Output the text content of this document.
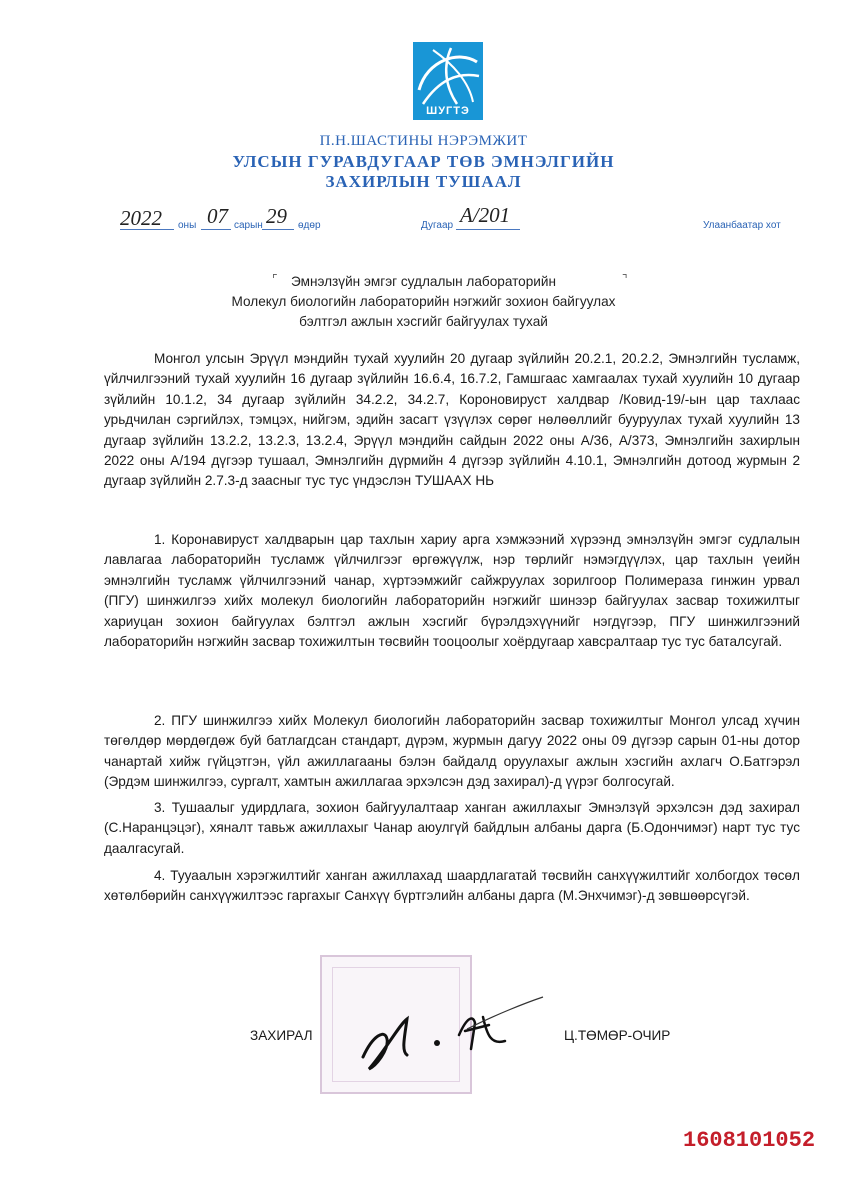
ШУГТЭ
П.Н.ШАСТИНЫ НЭРЭМЖИТ
УЛСЫН ГУРАВДУГААР ТӨВ ЭМНЭЛГИЙН
ЗАХИРЛЫН ТУШААЛ
2022 оны 07 сарын 29 өдөр	Дугаар А/201	Улаанбаатар хот
⌜	⌝
Эмнэлзүйн эмгэг судлалын лабораторийн
Молекул биологийн лабораторийн нэгжийг зохион байгуулах
бэлтгэл ажлын хэсгийг байгуулах тухай

Монгол улсын Эрүүл мэндийн тухай хуулийн 20 дугаар зүйлийн 20.2.1, 20.2.2, Эмнэлгийн тусламж, үйлчилгээний тухай хуулийн 16 дугаар зүйлийн 16.6.4, 16.7.2, Гамшгаас хамгаалах тухай хуулийн 10 дугаар зүйлийн 10.1.2, 34 дугаар зүйлийн 34.2.2, 34.2.7, Короновируст халдвар /Ковид-19/-ын цар тахлаас урьдчилан сэргийлэх, тэмцэх, нийгэм, эдийн засагт үзүүлэх сөрөг нөлөөллийг бууруулах тухай хуулийн 13 дугаар зүйлийн 13.2.2, 13.2.3, 13.2.4, Эрүүл мэндийн сайдын 2022 оны А/36, А/373, Эмнэлгийн захирлын 2022 оны А/194 дүгээр тушаал, Эмнэлгийн дүрмийн 4 дүгээр зүйлийн 4.10.1, Эмнэлгийн дотоод журмын 2 дугаар зүйлийн 2.7.3-д заасныг тус тус үндэслэн ТУШААХ НЬ

1. Коронавируст халдварын цар тахлын хариу арга хэмжээний хүрээнд эмнэлзүйн эмгэг судлалын лавлагаа лабораторийн тусламж үйлчилгээг өргөжүүлж, нэр төрлийг нэмэгдүүлэх, цар тахлын үеийн эмнэлгийн тусламж үйлчилгээний чанар, хүртээмжийг сайжруулах зорилгоор Полимераза гинжин урвал (ПГУ) шинжилгээ хийх молекул биологийн лабораторийн нэгжийг шинээр байгуулах засвар тохижилтыг хариуцан зохион байгуулах бэлтгэл ажлын хэсгийг бүрэлдэхүүнийг нэгдүгээр, ПГУ шинжилгээний лабораторийн нэгжийн засвар тохижилтын төсвийн тооцоолыг хоёрдугаар хавсралтаар тус тус баталсугай.

2. ПГУ шинжилгээ хийх Молекул биологийн лабораторийн засвар тохижилтыг Монгол улсад хүчин төгөлдөр мөрдөгдөж буй батлагдсан стандарт, дүрэм, журмын дагуу 2022 оны 09 дүгээр сарын 01-ны дотор чанартай хийж гүйцэтгэн, үйл ажиллагааны бэлэн байдалд оруулахыг ажлын хэсгийн ахлагч О.Батгэрэл (Эрдэм шинжилгээ, сургалт, хамтын ажиллагаа эрхэлсэн дэд захирал)-д үүрэг болгосугай.

3. Тушаалыг удирдлага, зохион байгуулалтаар ханган ажиллахыг Эмнэлзүй эрхэлсэн дэд захирал (С.Наранцэцэг), хяналт тавьж ажиллахыг Чанар аюулгүй байдлын албаны дарга (Б.Одончимэг) нарт тус тус даалгасугай.

4. Тууаалын хэрэгжилтийг ханган ажиллахад шаардлагатай төсвийн санхүүжилтийг холбогдох төсөл хөтөлбөрийн санхүүжилтээс гаргахыг Санхүү бүртгэлийн албаны дарга (М.Энхчимэг)-д зөвшөөрсүгэй.

ЗАХИРАЛ	Ц.ТӨМӨР-ОЧИР
1608101052
